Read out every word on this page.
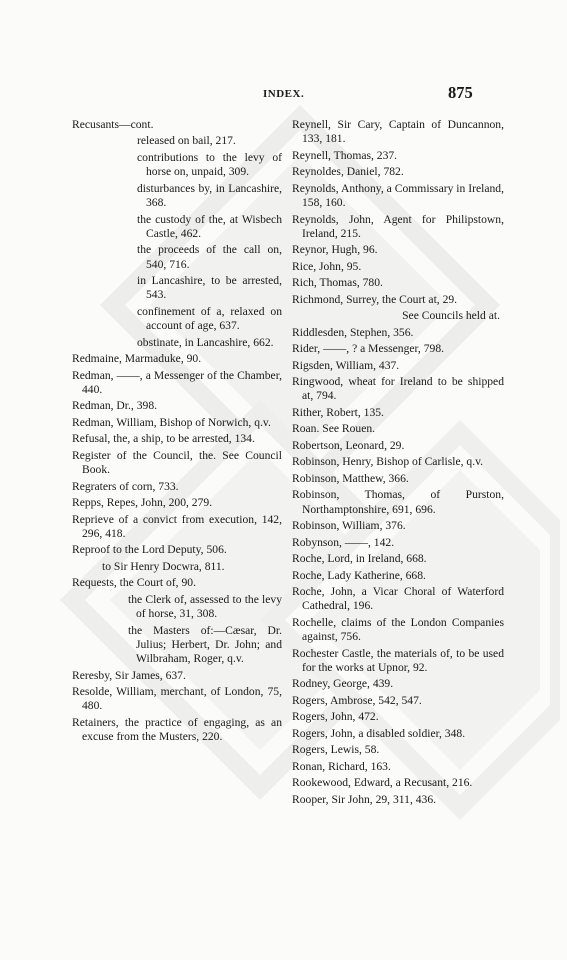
INDEX.	875
Recusants—cont.
released on bail, 217.
contributions to the levy of horse on, unpaid, 309.
disturbances by, in Lancashire, 368.
the custody of the, at Wisbech Castle, 462.
the proceeds of the call on, 540, 716.
in Lancashire, to be arrested, 543.
confinement of a, relaxed on account of age, 637.
obstinate, in Lancashire, 662.
Redmaine, Marmaduke, 90.
Redman, ——, a Messenger of the Chamber, 440.
Redman, Dr., 398.
Redman, William, Bishop of Norwich, q.v.
Refusal, the, a ship, to be arrested, 134.
Register of the Council, the. See Council Book.
Regraters of corn, 733.
Repps, Repes, John, 200, 279.
Reprieve of a convict from execution, 142, 296, 418.
Reproof to the Lord Deputy, 506.
to Sir Henry Docwra, 811.
Requests, the Court of, 90.
the Clerk of, assessed to the levy of horse, 31, 308.
the Masters of:—Cæsar, Dr. Julius; Herbert, Dr. John; and Wilbraham, Roger, q.v.
Reresby, Sir James, 637.
Resolde, William, merchant, of London, 75, 480.
Retainers, the practice of engaging, as an excuse from the Musters, 220.
Reynell, Sir Cary, Captain of Duncannon, 133, 181.
Reynell, Thomas, 237.
Reynoldes, Daniel, 782.
Reynolds, Anthony, a Commissary in Ireland, 158, 160.
Reynolds, John, Agent for Philipstown, Ireland, 215.
Reynor, Hugh, 96.
Rice, John, 95.
Rich, Thomas, 780.
Richmond, Surrey, the Court at, 29.
See Councils held at.
Riddlesden, Stephen, 356.
Rider, ——, ? a Messenger, 798.
Rigsden, William, 437.
Ringwood, wheat for Ireland to be shipped at, 794.
Rither, Robert, 135.
Roan. See Rouen.
Robertson, Leonard, 29.
Robinson, Henry, Bishop of Carlisle, q.v.
Robinson, Matthew, 366.
Robinson, Thomas, of Purston, Northamptonshire, 691, 696.
Robinson, William, 376.
Robynson, ——, 142.
Roche, Lord, in Ireland, 668.
Roche, Lady Katherine, 668.
Roche, John, a Vicar Choral of Waterford Cathedral, 196.
Rochelle, claims of the London Companies against, 756.
Rochester Castle, the materials of, to be used for the works at Upnor, 92.
Rodney, George, 439.
Rogers, Ambrose, 542, 547.
Rogers, John, 472.
Rogers, John, a disabled soldier, 348.
Rogers, Lewis, 58.
Ronan, Richard, 163.
Rookewood, Edward, a Recusant, 216.
Rooper, Sir John, 29, 311, 436.
